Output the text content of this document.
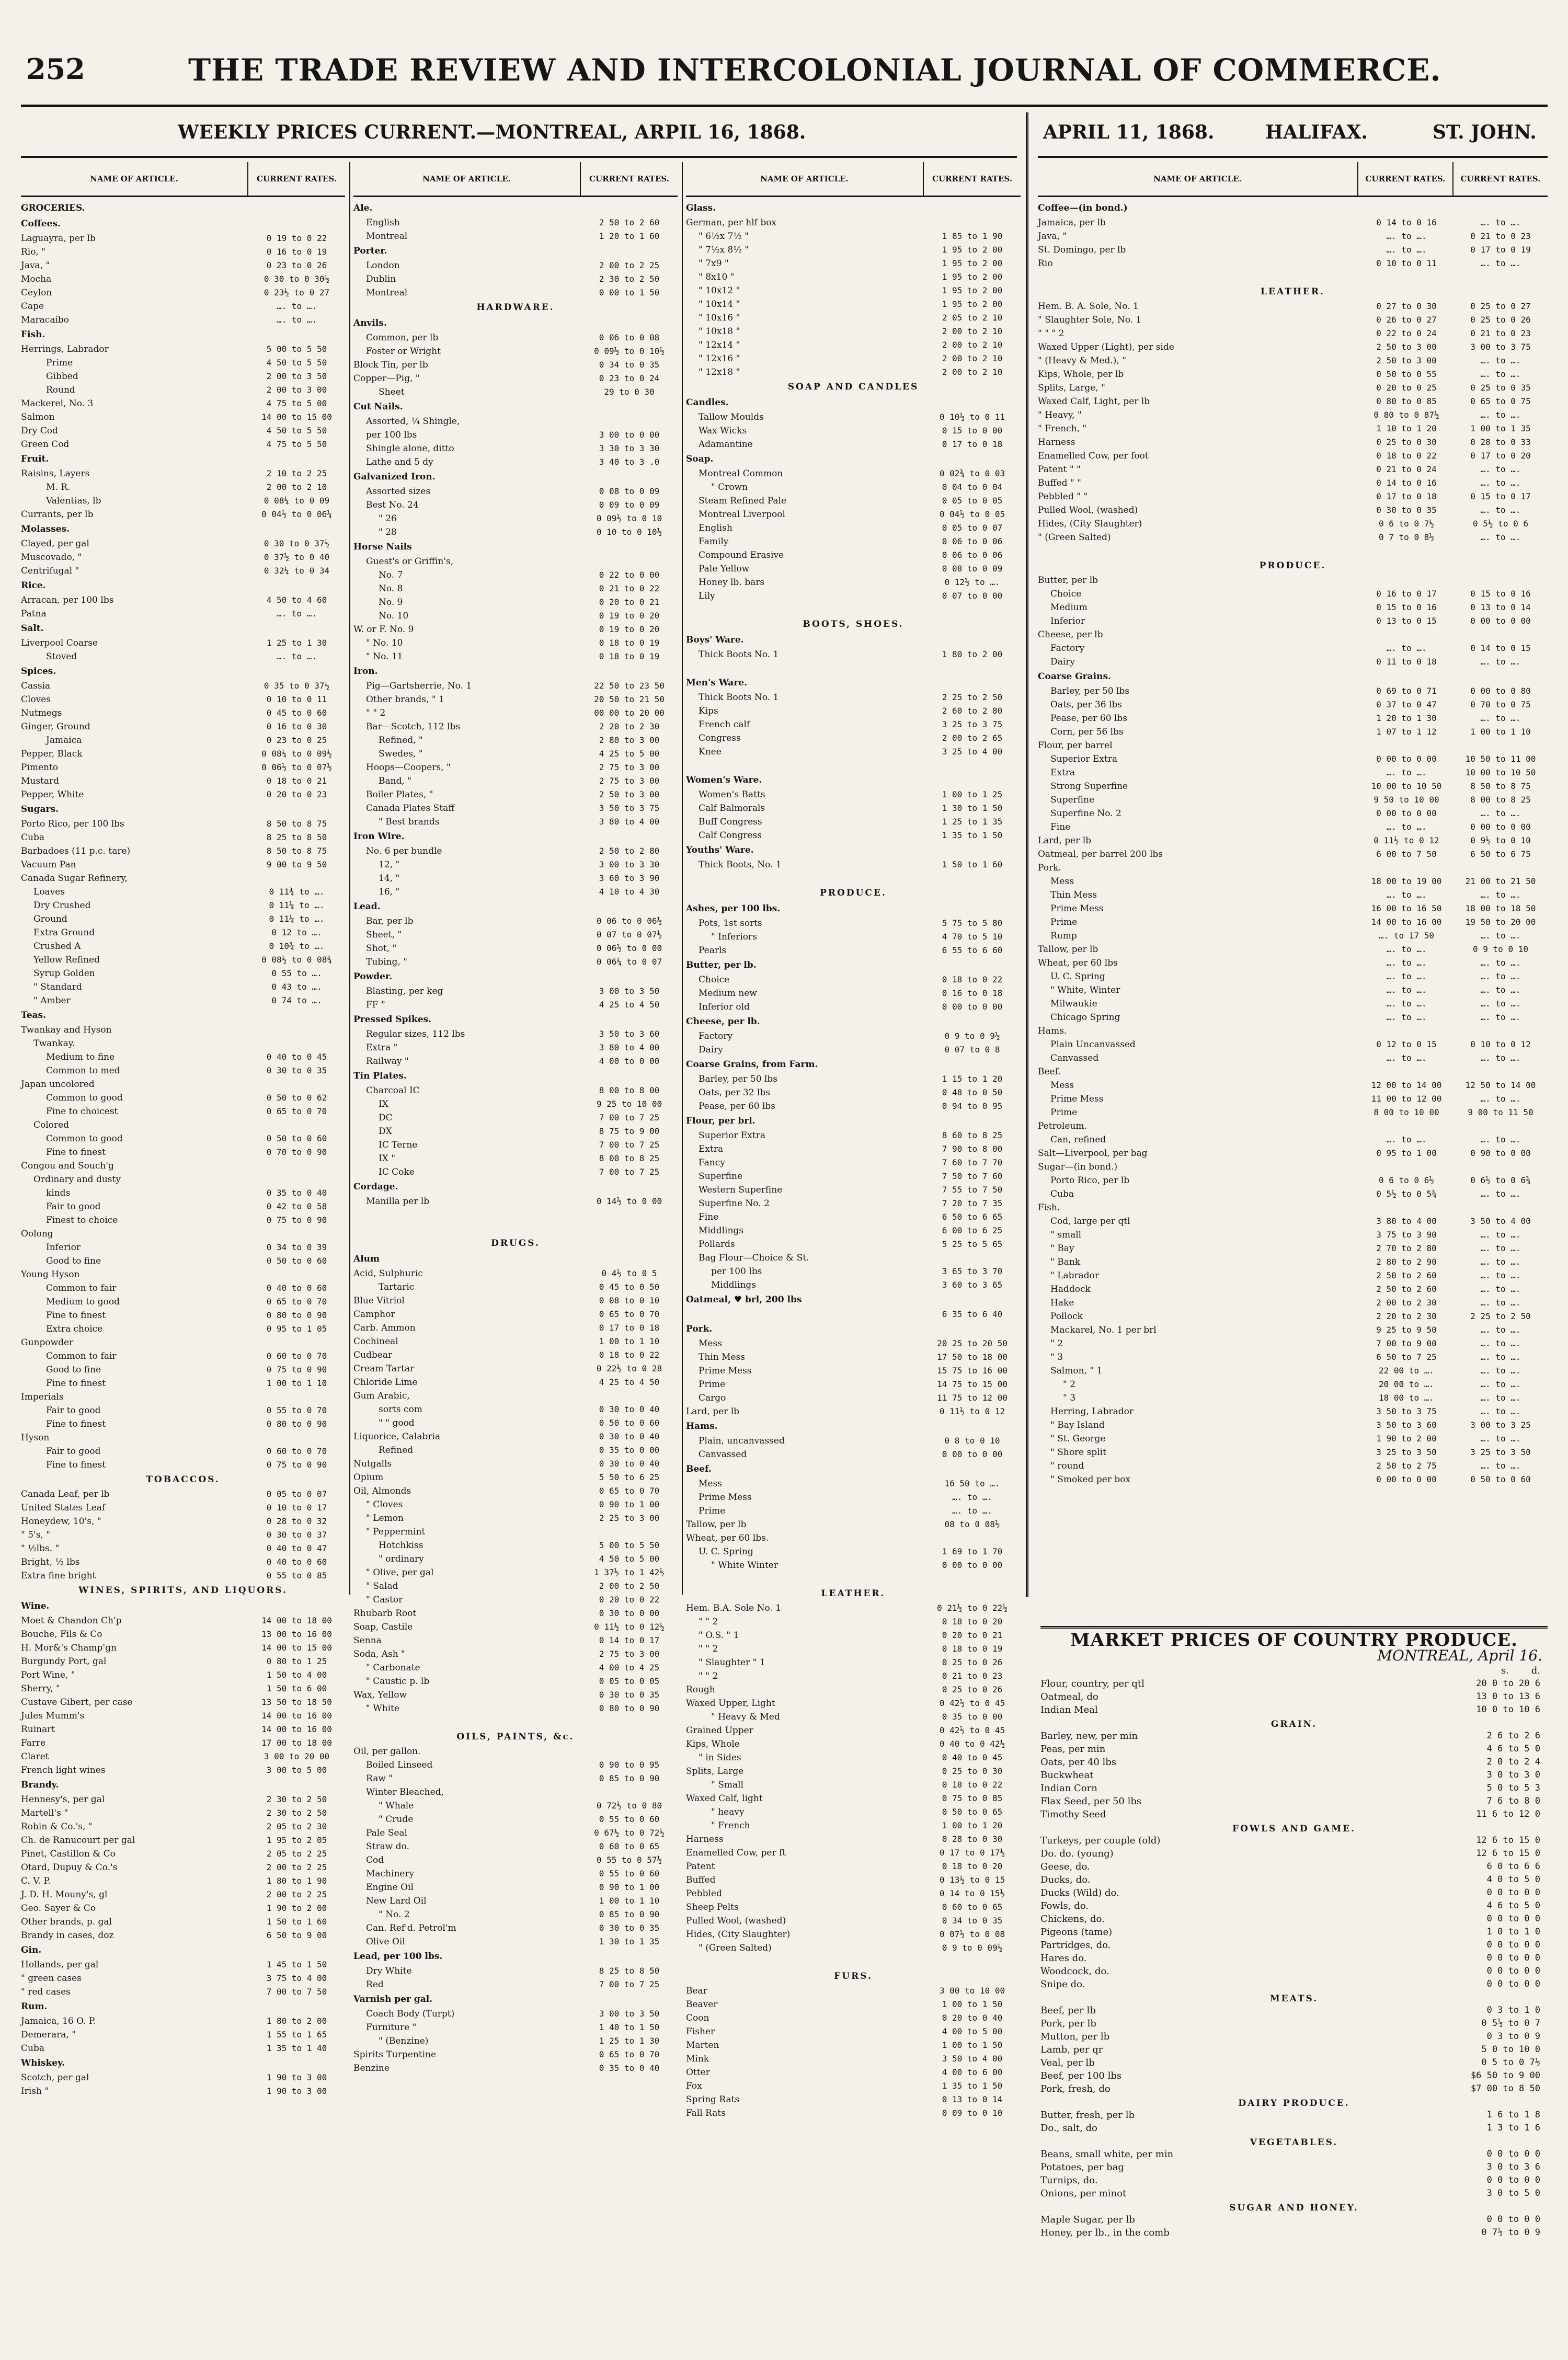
252	THE TRADE REVIEW AND INTERCOLONIAL JOURNAL OF COMMERCE.
WEEKLY PRICES CURRENT.—MONTREAL, ARPIL 16, 1868.	APRIL 11, 1868.	HALIFAX.	ST. JOHN.
NAME OF ARTICLE.	CURRENT RATES.
GROCERIES.
Coffees.
Laguayra, per lb	0 19 to 0 22
Rio, "	0 16 to 0 19
Java, "	0 23 to 0 26
Mocha	0 30 to 0 30½
Ceylon	0 23½ to 0 27
Cape	…. to ….
Maracaibo	…. to ….
Fish.
Herrings, Labrador	5 00 to 5 50
Prime	4 50 to 5 50
Gibbed	2 00 to 3 50
Round	2 00 to 3 00
Mackerel, No. 3	4 75 to 5 00
Salmon	14 00 to 15 00
Dry Cod	4 50 to 5 50
Green Cod	4 75 to 5 50
Fruit.
Raisins, Layers	2 10 to 2 25
M. R.	2 00 to 2 10
Valentias, lb	0 08¼ to 0 09
Currants, per lb	0 04½ to 0 06¼
Molasses.
Clayed, per gal	0 30 to 0 37½
Muscovado, "	0 37½ to 0 40
Centrifugal "	0 32¼ to 0 34
Rice.
Arracan, per 100 lbs	4 50 to 4 60
Patna	…. to ….
Salt.
Liverpool Coarse	1 25 to 1 30
Stoved	…. to ….
Spices.
Cassia	0 35 to 0 37½
Cloves	0 10 to 0 11
Nutmegs	0 45 to 0 60
Ginger, Ground	0 16 to 0 30
Jamaica	0 23 to 0 25
Pepper, Black	0 08¼ to 0 09½
Pimento	0 06½ to 0 07½
Mustard	0 18 to 0 21
Pepper, White	0 20 to 0 23
Sugars.
Porto Rico, per 100 lbs	8 50 to 8 75
Cuba	8 25 to 8 50
Barbadoes (11 p.c. tare)	8 50 to 8 75
Vacuum Pan	9 00 to 9 50
Canada Sugar Refinery,
Loaves	0 11¾ to ….
Dry Crushed	0 11¼ to ….
Ground	0 11¼ to ….
Extra Ground	0 12 to ….
Crushed A	0 10¾ to ….
Yellow Refined	0 08½ to 0 08¾
Syrup Golden	0 55 to ….
" Standard	0 43 to ….
" Amber	0 74 to ….
Teas.
Twankay and Hyson
Twankay.
Medium to fine	0 40 to 0 45
Common to med	0 30 to 0 35
Japan uncolored
Common to good	0 50 to 0 62
Fine to choicest	0 65 to 0 70
Colored
Common to good	0 50 to 0 60
Fine to finest	0 70 to 0 90
Congou and Souch'g
Ordinary and dusty
kinds	0 35 to 0 40
Fair to good	0 42 to 0 58
Finest to choice	0 75 to 0 90
Oolong
Inferior	0 34 to 0 39
Good to fine	0 50 to 0 60
Young Hyson
Common to fair	0 40 to 0 60
Medium to good	0 65 to 0 70
Fine to finest	0 80 to 0 90
Extra choice	0 95 to 1 05
Gunpowder
Common to fair	0 60 to 0 70
Good to fine	0 75 to 0 90
Fine to finest	1 00 to 1 10
Imperials
Fair to good	0 55 to 0 70
Fine to finest	0 80 to 0 90
Hyson
Fair to good	0 60 to 0 70
Fine to finest	0 75 to 0 90
TOBACCOS.
Canada Leaf, per lb	0 05 to 0 07
United States Leaf	0 10 to 0 17
Honeydew, 10's, "	0 28 to 0 32
" 5's, "	0 30 to 0 37
" ½lbs. "	0 40 to 0 47
Bright, ½ lbs	0 40 to 0 60
Extra fine bright	0 55 to 0 85
WINES, SPIRITS, AND LIQUORS.
Wine.
Moet & Chandon Ch'p	14 00 to 18 00
Bouche, Fils & Co	13 00 to 16 00
H. Mor&'s Champ'gn	14 00 to 15 00
Burgundy Port, gal	0 80 to 1 25
Port Wine, "	1 50 to 4 00
Sherry, "	1 50 to 6 00
Custave Gibert, per case	13 50 to 18 50
Jules Mumm's	14 00 to 16 00
Ruinart	14 00 to 16 00
Farre	17 00 to 18 00
Claret	3 00 to 20 00
French light wines	3 00 to 5 00
Brandy.
Hennesy's, per gal	2 30 to 2 50
Martell's "	2 30 to 2 50
Robin & Co.'s, "	2 05 to 2 30
Ch. de Ranucourt per gal	1 95 to 2 05
Pinet, Castillon & Co	2 05 to 2 25
Otard, Dupuy & Co.'s	2 00 to 2 25
C. V. P.	1 80 to 1 90
J. D. H. Mouny's, gl	2 00 to 2 25
Geo. Sayer & Co	1 90 to 2 00
Other brands, p. gal	1 50 to 1 60
Brandy in cases, doz	6 50 to 9 00
Gin.
Hollands, per gal	1 45 to 1 50
" green cases	3 75 to 4 00
" red cases	7 00 to 7 50
Rum.
Jamaica, 16 O. P.	1 80 to 2 00
Demerara, "	1 55 to 1 65
Cuba	1 35 to 1 40
Whiskey.
Scotch, per gal	1 90 to 3 00
Irish "	1 90 to 3 00
NAME OF ARTICLE.	CURRENT RATES.
Ale.
English	2 50 to 2 60
Montreal	1 20 to 1 60
Porter.
London	2 00 to 2 25
Dublin	2 30 to 2 50
Montreal	0 00 to 1 50
HARDWARE.
Anvils.
Common, per lb	0 06 to 0 08
Foster or Wright	0 09½ to 0 10½
Block Tin, per lb	0 34 to 0 35
Copper—Pig, "	0 23 to 0 24
Sheet	29 to 0 30
Cut Nails.
Assorted, ¼ Shingle,
per 100 lbs	3 00 to 0 00
Shingle alone, ditto	3 30 to 3 30
Lathe and 5 dy	3 40 to 3 .0
Galvanized Iron.
Assorted sizes	0 08 to 0 09
Best No. 24	0 09 to 0 09
" 26	0 09½ to 0 10
" 28	0 10 to 0 10½
Horse Nails
Guest's or Griffin's,
No. 7	0 22 to 0 00
No. 8	0 21 to 0 22
No. 9	0 20 to 0 21
No. 10	0 19 to 0 20
W. or F. No. 9	0 19 to 0 20
" No. 10	0 18 to 0 19
" No. 11	0 18 to 0 19
Iron.
Pig—Gartsherrie, No. 1	22 50 to 23 50
Other brands, " 1	20 50 to 21 50
" " 2	00 00 to 20 00
Bar—Scotch, 112 lbs	2 20 to 2 30
Refined, "	2 80 to 3 00
Swedes, "	4 25 to 5 00
Hoops—Coopers, "	2 75 to 3 00
Band, "	2 75 to 3 00
Boiler Plates, "	2 50 to 3 00
Canada Plates Staff	3 50 to 3 75
" Best brands	3 80 to 4 00
Iron Wire.
No. 6 per bundle	2 50 to 2 80
12, "	3 00 to 3 30
14, "	3 60 to 3 90
16, "	4 10 to 4 30
Lead.
Bar, per lb	0 06 to 0 06½
Sheet, "	0 07 to 0 07½
Shot, "	0 06½ to 0 00
Tubing, "	0 06¼ to 0 07
Powder.
Blasting, per keg	3 00 to 3 50
FF "	4 25 to 4 50
Pressed Spikes.
Regular sizes, 112 lbs	3 50 to 3 60
Extra "	3 80 to 4 00
Railway "	4 00 to 0 00
Tin Plates.
Charcoal IC	8 00 to 8 00
IX	9 25 to 10 00
DC	7 00 to 7 25
DX	8 75 to 9 00
IC Terne	7 00 to 7 25
IX "	8 00 to 8 25
IC Coke	7 00 to 7 25
Cordage.
Manilla per lb	0 14½ to 0 00
DRUGS.
Alum
Acid, Sulphuric	0 4½ to 0 5
Tartaric	0 45 to 0 50
Blue Vitriol	0 08 to 0 10
Camphor	0 65 to 0 70
Carb. Ammon	0 17 to 0 18
Cochineal	1 00 to 1 10
Cudbear	0 18 to 0 22
Cream Tartar	0 22½ to 0 28
Chloride Lime	4 25 to 4 50
Gum Arabic,
sorts com	0 30 to 0 40
" " good	0 50 to 0 60
Liquorice, Calabria	0 30 to 0 40
Refined	0 35 to 0 00
Nutgalls	0 30 to 0 40
Opium	5 50 to 6 25
Oil, Almonds	0 65 to 0 70
" Cloves	0 90 to 1 00
" Lemon	2 25 to 3 00
" Peppermint
Hotchkiss	5 00 to 5 50
" ordinary	4 50 to 5 00
" Olive, per gal	1 37½ to 1 42½
" Salad	2 00 to 2 50
" Castor	0 20 to 0 22
Rhubarb Root	0 30 to 0 00
Soap, Castile	0 11½ to 0 12½
Senna	0 14 to 0 17
Soda, Ash "	2 75 to 3 00
" Carbonate	4 00 to 4 25
" Caustic p. lb	0 05 to 0 05
Wax, Yellow	0 30 to 0 35
" White	0 80 to 0 90
OILS, PAINTS, &c.
Oil, per gallon.
Boiled Linseed	0 90 to 0 95
Raw "	0 85 to 0 90
Winter Bleached,
" Whale	0 72½ to 0 80
" Crude	0 55 to 0 60
Pale Seal	0 67½ to 0 72½
Straw do.	0 60 to 0 65
Cod	0 55 to 0 57½
Machinery	0 55 to 0 60
Engine Oil	0 90 to 1 00
New Lard Oil	1 00 to 1 10
" No. 2	0 85 to 0 90
Can. Ref'd. Petrol'm	0 30 to 0 35
Olive Oil	1 30 to 1 35
Lead, per 100 lbs.
Dry White	8 25 to 8 50
Red	7 00 to 7 25
Varnish per gal.
Coach Body (Turpt)	3 00 to 3 50
Furniture "	1 40 to 1 50
" (Benzine)	1 25 to 1 30
Spirits Turpentine	0 65 to 0 70
Benzine	0 35 to 0 40
NAME OF ARTICLE.	CURRENT RATES.
Glass.
German, per hlf box
" 6½x 7½ "	1 85 to 1 90
" 7½x 8½ "	1 95 to 2 00
" 7x9 "	1 95 to 2 00
" 8x10 "	1 95 to 2 00
" 10x12 "	1 95 to 2 00
" 10x14 "	1 95 to 2 00
" 10x16 "	2 05 to 2 10
" 10x18 "	2 00 to 2 10
" 12x14 "	2 00 to 2 10
" 12x16 "	2 00 to 2 10
" 12x18 "	2 00 to 2 10
SOAP AND CANDLES
Candles.
Tallow Moulds	0 10½ to 0 11
Wax Wicks	0 15 to 0 00
Adamantine	0 17 to 0 18
Soap.
Montreal Common	0 02¾ to 0 03
" Crown	0 04 to 0 04
Steam Refined Pale	0 05 to 0 05
Montreal Liverpool	0 04½ to 0 05
English	0 05 to 0 07
Family	0 06 to 0 06
Compound Erasive	0 06 to 0 06
Pale Yellow	0 08 to 0 09
Honey lb. bars	0 12½ to ….
Lily	0 07 to 0 00
BOOTS, SHOES.
Boys' Ware.
Thick Boots No. 1	1 80 to 2 00
Men's Ware.
Thick Boots No. 1	2 25 to 2 50
Kips	2 60 to 2 80
French calf	3 25 to 3 75
Congress	2 00 to 2 65
Knee	3 25 to 4 00
Women's Ware.
Women's Batts	1 00 to 1 25
Calf Balmorals	1 30 to 1 50
Buff Congress	1 25 to 1 35
Calf Congress	1 35 to 1 50
Youths' Ware.
Thick Boots, No. 1	1 50 to 1 60
PRODUCE.
Ashes, per 100 lbs.
Pots, 1st sorts	5 75 to 5 80
" Inferiors	4 70 to 5 10
Pearls	6 55 to 6 60
Butter, per lb.
Choice	0 18 to 0 22
Medium new	0 16 to 0 18
Inferior old	0 00 to 0 00
Cheese, per lb.
Factory	0 9 to 0 9½
Dairy	0 07 to 0 8
Coarse Grains, from Farm.
Barley, per 50 lbs	1 15 to 1 20
Oats, per 32 lbs	0 48 to 0 50
Pease, per 60 lbs	0 94 to 0 95
Flour, per brl.
Superior Extra	8 60 to 8 25
Extra	7 90 to 8 00
Fancy	7 60 to 7 70
Superfine	7 50 to 7 60
Western Superfine	7 55 to 7 50
Superfine No. 2	7 20 to 7 35
Fine	6 50 to 6 65
Middlings	6 00 to 6 25
Pollards	5 25 to 5 65
Bag Flour—Choice & St.
per 100 lbs	3 65 to 3 70
Middlings	3 60 to 3 65
Oatmeal, ♥ brl, 200 lbs
6 35 to 6 40
Pork.
Mess	20 25 to 20 50
Thin Mess	17 50 to 18 00
Prime Mess	15 75 to 16 00
Prime	14 75 to 15 00
Cargo	11 75 to 12 00
Lard, per lb	0 11½ to 0 12
Hams.
Plain, uncanvassed	0 8 to 0 10
Canvassed	0 00 to 0 00
Beef.
Mess	16 50 to ….
Prime Mess	…. to ….
Prime	…. to ….
Tallow, per lb	08 to 0 08½
Wheat, per 60 lbs.
U. C. Spring	1 69 to 1 70
" White Winter	0 00 to 0 00
LEATHER.
Hem. B.A. Sole No. 1	0 21½ to 0 22½
" " 2	0 18 to 0 20
" O.S. " 1	0 20 to 0 21
" " 2	0 18 to 0 19
" Slaughter " 1	0 25 to 0 26
" " 2	0 21 to 0 23
Rough	0 25 to 0 26
Waxed Upper, Light	0 42½ to 0 45
" Heavy & Med	0 35 to 0 00
Grained Upper	0 42½ to 0 45
Kips, Whole	0 40 to 0 42½
" in Sides	0 40 to 0 45
Splits, Large	0 25 to 0 30
" Small	0 18 to 0 22
Waxed Calf, light	0 75 to 0 85
" heavy	0 50 to 0 65
" French	1 00 to 1 20
Harness	0 28 to 0 30
Enamelled Cow, per ft	0 17 to 0 17½
Patent	0 18 to 0 20
Buffed	0 13½ to 0 15
Pebbled	0 14 to 0 15½
Sheep Pelts	0 60 to 0 65
Pulled Wool, (washed)	0 34 to 0 35
Hides, (City Slaughter)	0 07½ to 0 08
" (Green Salted)	0 9 to 0 09½
FURS.
Bear	3 00 to 10 00
Beaver	1 00 to 1 50
Coon	0 20 to 0 40
Fisher	4 00 to 5 00
Marten	1 00 to 1 50
Mink	3 50 to 4 00
Otter	4 00 to 6 00
Fox	1 35 to 1 50
Spring Rats	0 13 to 0 14
Fall Rats	0 09 to 0 10
NAME OF ARTICLE.	CURRENT RATES.	CURRENT RATES.
Coffee—(in bond.)
Jamaica, per lb	0 14 to 0 16	…. to ….
Java, "	…. to ….	0 21 to 0 23
St. Domingo, per lb	…. to ….	0 17 to 0 19
Rio	0 10 to 0 11	…. to ….
LEATHER.
Hem. B. A. Sole, No. 1	0 27 to 0 30	0 25 to 0 27
" Slaughter Sole, No. 1	0 26 to 0 27	0 25 to 0 26
" " " 2	0 22 to 0 24	0 21 to 0 23
Waxed Upper (Light), per side	2 50 to 3 00	3 00 to 3 75
" (Heavy & Med.), "	2 50 to 3 00	…. to ….
Kips, Whole, per lb	0 50 to 0 55	…. to ….
Splits, Large, "	0 20 to 0 25	0 25 to 0 35
Waxed Calf, Light, per lb	0 80 to 0 85	0 65 to 0 75
" Heavy, "	0 80 to 0 87½	…. to ….
" French, "	1 10 to 1 20	1 00 to 1 35
Harness	0 25 to 0 30	0 28 to 0 33
Enamelled Cow, per foot	0 18 to 0 22	0 17 to 0 20
Patent " "	0 21 to 0 24	…. to ….
Buffed " "	0 14 to 0 16	…. to ….
Pebbled " "	0 17 to 0 18	0 15 to 0 17
Pulled Wool, (washed)	0 30 to 0 35	…. to ….
Hides, (City Slaughter)	0 6 to 0 7½	0 5½ to 0 6
" (Green Salted)	0 7 to 0 8½	…. to ….
PRODUCE.
Butter, per lb
Choice	0 16 to 0 17	0 15 to 0 16
Medium	0 15 to 0 16	0 13 to 0 14
Inferior	0 13 to 0 15	0 00 to 0 00
Cheese, per lb
Factory	…. to ….	0 14 to 0 15
Dairy	0 11 to 0 18	…. to ….
Coarse Grains.
Barley, per 50 lbs	0 69 to 0 71	0 00 to 0 80
Oats, per 36 lbs	0 37 to 0 47	0 70 to 0 75
Pease, per 60 lbs	1 20 to 1 30	…. to ….
Corn, per 56 lbs	1 07 to 1 12	1 00 to 1 10
Flour, per barrel
Superior Extra	0 00 to 0 00	10 50 to 11 00
Extra	…. to ….	10 00 to 10 50
Strong Superfine	10 00 to 10 50	8 50 to 8 75
Superfine	9 50 to 10 00	8 00 to 8 25
Superfine No. 2	0 00 to 0 00	…. to ….
Fine	…. to ….	0 00 to 0 00
Lard, per lb	0 11½ to 0 12	0 9½ to 0 10
Oatmeal, per barrel 200 lbs	6 00 to 7 50	6 50 to 6 75
Pork.
Mess	18 00 to 19 00	21 00 to 21 50
Thin Mess	…. to ….	…. to ….
Prime Mess	16 00 to 16 50	18 00 to 18 50
Prime	14 00 to 16 00	19 50 to 20 00
Rump	…. to 17 50	…. to ….
Tallow, per lb	…. to ….	0 9 to 0 10
Wheat, per 60 lbs	…. to ….	…. to ….
U. C. Spring	…. to ….	…. to ….
" White, Winter	…. to ….	…. to ….
Milwaukie	…. to ….	…. to ….
Chicago Spring	…. to ….	…. to ….
Hams.
Plain Uncanvassed	0 12 to 0 15	0 10 to 0 12
Canvassed	…. to ….	…. to ….
Beef.
Mess	12 00 to 14 00	12 50 to 14 00
Prime Mess	11 00 to 12 00	…. to ….
Prime	8 00 to 10 00	9 00 to 11 50
Petroleum.
Can, refined	…. to ….	…. to ….
Salt—Liverpool, per bag	0 95 to 1 00	0 90 to 0 00
Sugar—(in bond.)
Porto Rico, per lb	0 6 to 0 6½	0 6½ to 0 6¾
Cuba	0 5½ to 0 5¾	…. to ….
Fish.
Cod, large per qtl	3 80 to 4 00	3 50 to 4 00
" small	3 75 to 3 90	…. to ….
" Bay	2 70 to 2 80	…. to ….
" Bank	2 80 to 2 90	…. to ….
" Labrador	2 50 to 2 60	…. to ….
Haddock	2 50 to 2 60	…. to ….
Hake	2 00 to 2 30	…. to ….
Pollock	2 20 to 2 30	2 25 to 2 50
Mackarel, No. 1 per brl	9 25 to 9 50	…. to ….
" 2	7 00 to 9 00	…. to ….
" 3	6 50 to 7 25	…. to ….
Salmon, " 1	22 00 to ….	…. to ….
" 2	20 00 to ….	…. to ….
" 3	18 00 to ….	…. to ….
Herring, Labrador	3 50 to 3 75	…. to ….
" Bay Island	3 50 to 3 60	3 00 to 3 25
" St. George	1 90 to 2 00	…. to ….
" Shore split	3 25 to 3 50	3 25 to 3 50
" round	2 50 to 2 75	…. to ….
" Smoked per box	0 00 to 0 00	0 50 to 0 60
MARKET PRICES OF COUNTRY PRODUCE.
MONTREAL, April 16.
s.	d.
Flour, country, per qtl	20 0 to 20 6
Oatmeal, do	13 0 to 13 6
Indian Meal	10 0 to 10 6
GRAIN.
Barley, new, per min	2 6 to 2 6
Peas, per min	4 6 to 5 0
Oats, per 40 lbs	2 0 to 2 4
Buckwheat	3 0 to 3 0
Indian Corn	5 0 to 5 3
Flax Seed, per 50 lbs	7 6 to 8 0
Timothy Seed	11 6 to 12 0
FOWLS AND GAME.
Turkeys, per couple (old)	12 6 to 15 0
Do. do. (young)	12 6 to 15 0
Geese, do.	6 0 to 6 6
Ducks, do.	4 0 to 5 0
Ducks (Wild) do.	0 0 to 0 0
Fowls, do.	4 6 to 5 0
Chickens, do.	0 0 to 0 0
Pigeons (tame)	1 0 to 1 0
Partridges, do.	0 0 to 0 0
Hares do.	0 0 to 0 0
Woodcock, do.	0 0 to 0 0
Snipe do.	0 0 to 0 0
MEATS.
Beef, per lb	0 3 to 1 0
Pork, per lb	0 5½ to 0 7
Mutton, per lb	0 3 to 0 9
Lamb, per qr	5 0 to 10 0
Veal, per lb	0 5 to 0 7½
Beef, per 100 lbs	$6 50 to 9 00
Pork, fresh, do	$7 00 to 8 50
DAIRY PRODUCE.
Butter, fresh, per lb	1 6 to 1 8
Do., salt, do	1 3 to 1 6
VEGETABLES.
Beans, small white, per min	0 0 to 0 0
Potatoes, per bag	3 0 to 3 6
Turnips, do.	0 0 to 0 0
Onions, per minot	3 0 to 5 0
SUGAR AND HONEY.
Maple Sugar, per lb	0 0 to 0 0
Honey, per lb., in the comb	0 7½ to 0 9
